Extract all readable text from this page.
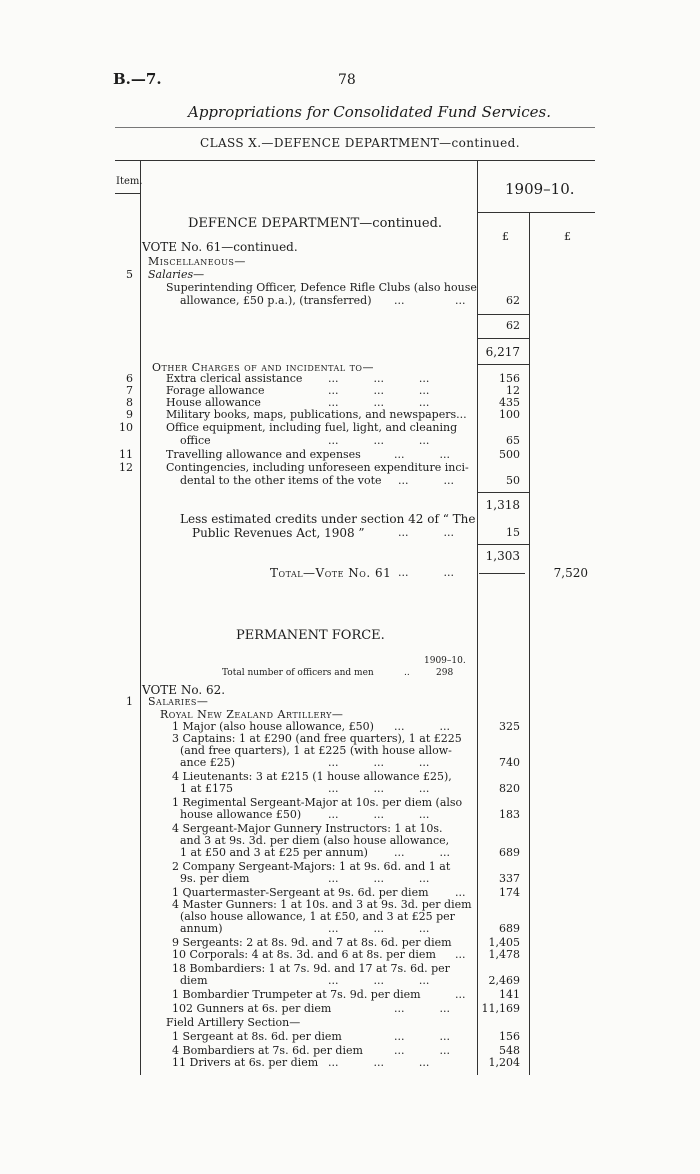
B.—7.	78
Appropriations for Consolidated Fund Services.
CLASS X.—DEFENCE DEPARTMENT—continued.
Item.	1909–10.
£	£
DEFENCE DEPARTMENT—continued.
VOTE No. 61—continued.
Miscellaneous—
Salaries—
5
Superintending Officer, Defence Rifle Clubs (also house
allowance, £50 p.a.), (transferred) ...	...	62
62
6,217
Other Charges of and incidental to—
6	Extra clerical assistance ...          ...          ...	156
7	Forage allowance	...          ...          ...	12
8	House allowance	...          ...          ...	435
9	Military books, maps, publications, and newspapers...	100
10	Office equipment, including fuel, light, and cleaning
office	...          ...          ...	65
11	Travelling allowance and expenses	...          ...	500
12	Contingencies, including unforeseen expenditure inci-
dental to the other items of the vote ...          ...	50
1,318
Less estimated credits under section 42 of “ The
Public Revenues Act, 1908 ”	...          ...	15
1,303
Total—Vote No. 61 ...          ...	7,520
PERMANENT FORCE.
1909–10.
Total number of officers and men	..	298
VOTE No. 62.
1 Salaries—
Royal New Zealand Artillery—
1 Major (also house allowance, £50) ...          ...	325
3 Captains: 1 at £290 (and free quarters), 1 at £225
(and free quarters), 1 at £225 (with house allow-
ance £25)	...          ...          ...	740
4 Lieutenants: 3 at £215 (1 house allowance £25),
1 at £175	...          ...          ...	820
1 Regimental Sergeant-Major at 10s. per diem (also
house allowance £50) ...          ...          ...	183
4 Sergeant-Major Gunnery Instructors: 1 at 10s.
and 3 at 9s. 3d. per diem (also house allowance,
1 at £50 and 3 at £25 per annum) ...          ...	689
2 Company Sergeant-Majors: 1 at 9s. 6d. and 1 at
9s. per diem	...          ...          ...	337
1 Quartermaster-Sergeant at 9s. 6d. per diem ...	174
4 Master Gunners: 1 at 10s. and 3 at 9s. 3d. per diem
(also house allowance, 1 at £50, and 3 at £25 per
annum)	...          ...          ...	689
9 Sergeants: 2 at 8s. 9d. and 7 at 8s. 6d. per diem	1,405
10 Corporals: 4 at 8s. 3d. and 6 at 8s. per diem ...	1,478
18 Bombardiers: 1 at 7s. 9d. and 17 at 7s. 6d. per
diem	...          ...          ...	2,469
1 Bombardier Trumpeter at 7s. 9d. per diem	...	141
102 Gunners at 6s. per diem	...          ...	11,169
Field Artillery Section—
1 Sergeant at 8s. 6d. per diem	...          ...	156
4 Bombardiers at 7s. 6d. per diem	...          ...	548
11 Drivers at 6s. per diem ...          ...          ...	1,204
